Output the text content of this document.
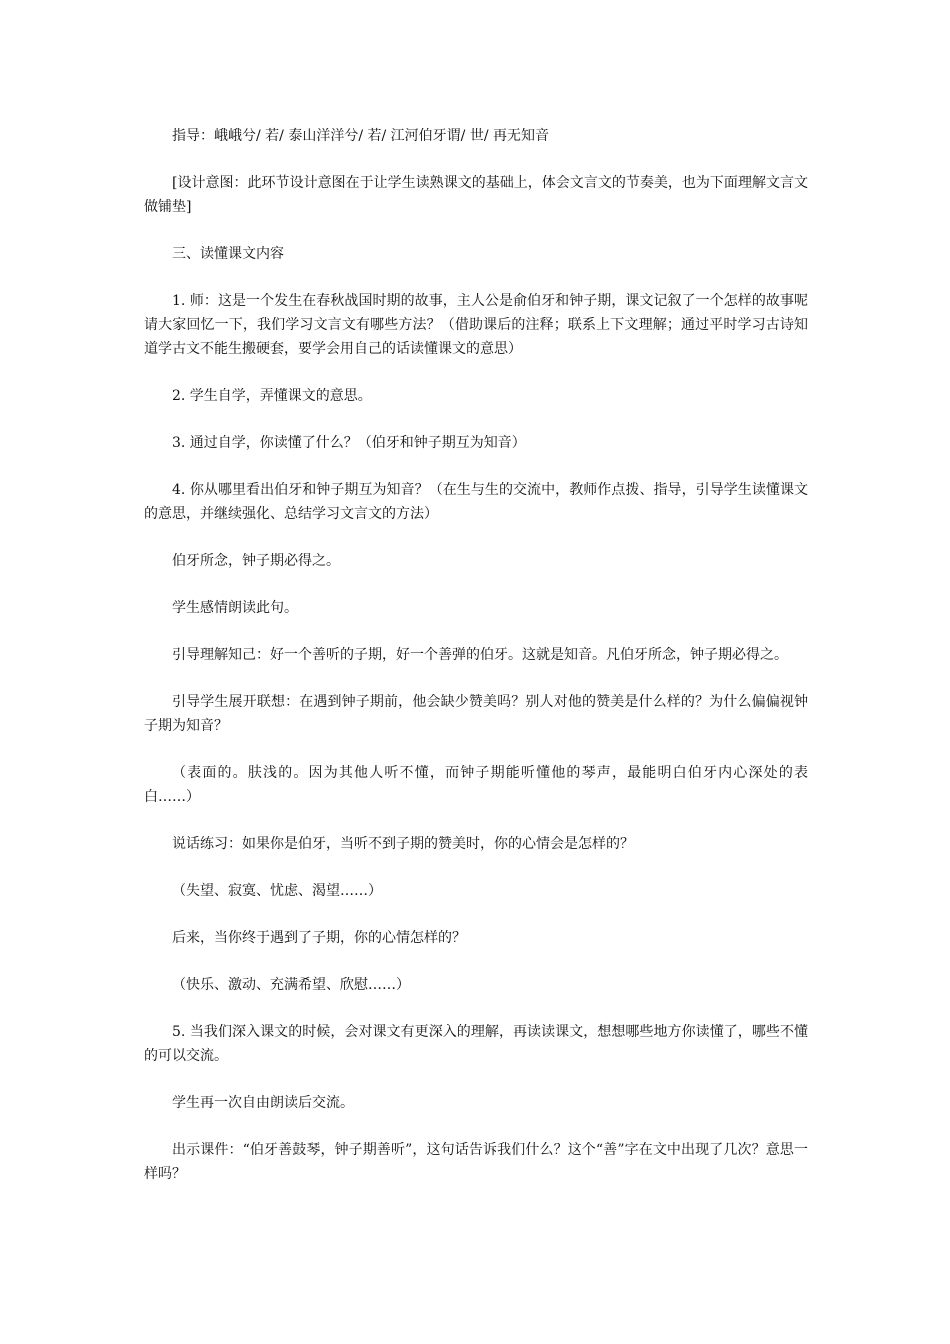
指导：峨峨兮/ 若/ 泰山洋洋兮/ 若/ 江河伯牙谓/ 世/ 再无知音

[设计意图：此环节设计意图在于让学生读熟课文的基础上，体会文言文的节奏美，也为下面理解文言文做铺垫]

三、读懂课文内容

1. 师：这是一个发生在春秋战国时期的故事，主人公是俞伯牙和钟子期，课文记叙了一个怎样的故事呢请大家回忆一下，我们学习文言文有哪些方法？（借助课后的注释；联系上下文理解；通过平时学习古诗知道学古文不能生搬硬套，要学会用自己的话读懂课文的意思）

2. 学生自学，弄懂课文的意思。

3. 通过自学，你读懂了什么？（伯牙和钟子期互为知音）

4. 你从哪里看出伯牙和钟子期互为知音？（在生与生的交流中，教师作点拨、指导，引导学生读懂课文的意思，并继续强化、总结学习文言文的方法）

伯牙所念，钟子期必得之。

学生感情朗读此句。

引导理解知己：好一个善听的子期，好一个善弹的伯牙。这就是知音。凡伯牙所念，钟子期必得之。

引导学生展开联想：在遇到钟子期前，他会缺少赞美吗？别人对他的赞美是什么样的？为什么偏偏视钟子期为知音？

（表面的。肤浅的。因为其他人听不懂，而钟子期能听懂他的琴声，最能明白伯牙内心深处的表白……）

说话练习：如果你是伯牙，当听不到子期的赞美时，你的心情会是怎样的？

（失望、寂寞、忧虑、渴望……）

后来，当你终于遇到了子期，你的心情怎样的？

（快乐、激动、充满希望、欣慰……）

5. 当我们深入课文的时候，会对课文有更深入的理解，再读读课文，想想哪些地方你读懂了，哪些不懂的可以交流。

学生再一次自由朗读后交流。

出示课件：“伯牙善鼓琴，钟子期善听”，这句话告诉我们什么？这个“善”字在文中出现了几次？意思一样吗？
